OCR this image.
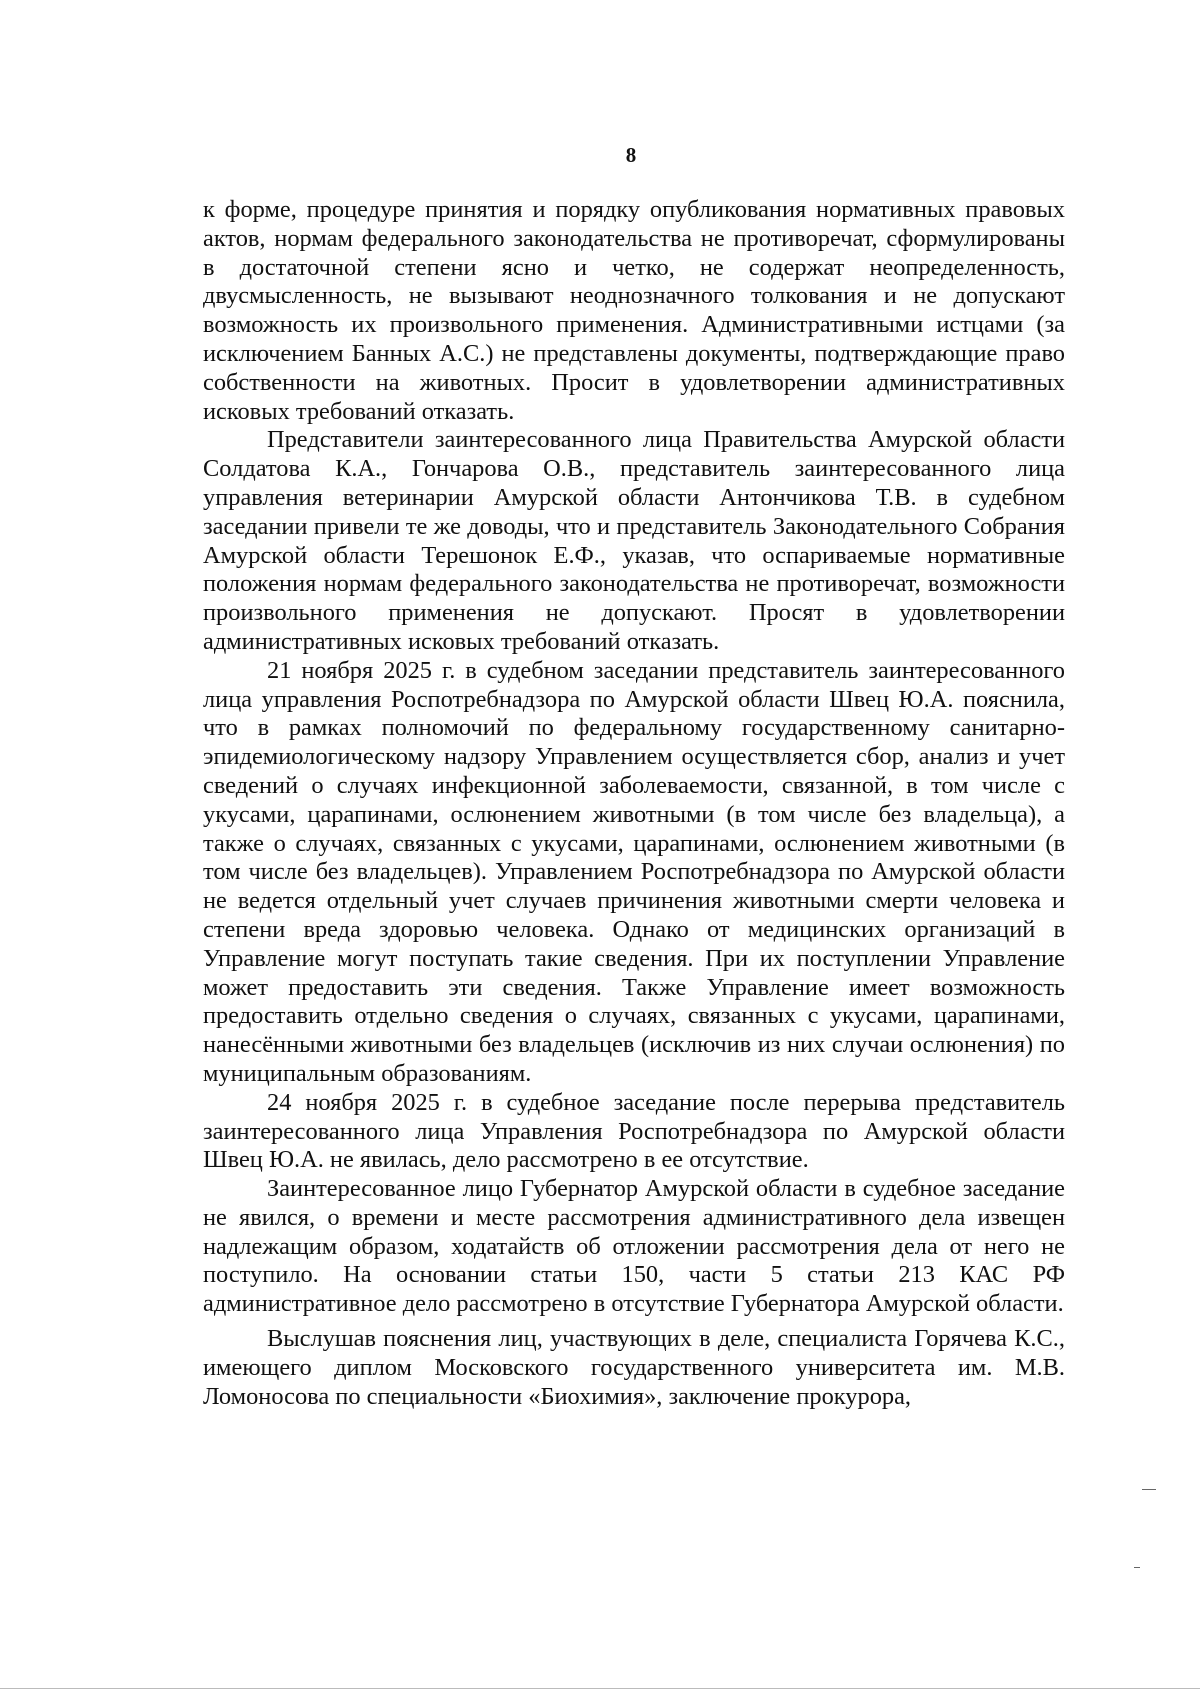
8

к форме, процедуре принятия и порядку опубликования нормативных правовых актов, нормам федерального законодательства не противоречат, сформулированы в достаточной степени ясно и четко, не содержат неопределенность, двусмысленность, не вызывают неоднозначного толкования и не допускают возможность их произвольного применения. Административными истцами (за исключением Банных А.С.) не представлены документы, подтверждающие право собственности на животных. Просит в удовлетворении административных исковых требований отказать.

Представители заинтересованного лица Правительства Амурской области Солдатова К.А., Гончарова О.В., представитель заинтересованного лица управления ветеринарии Амурской области Антончикова Т.В. в судебном заседании привели те же доводы, что и представитель Законодательного Собрания Амурской области Терешонок Е.Ф., указав, что оспариваемые нормативные положения нормам федерального законодательства не противоречат, возможности произвольного применения не допускают. Просят в удовлетворении административных исковых требований отказать.

21 ноября 2025 г. в судебном заседании представитель заинтересованного лица управления Роспотребнадзора по Амурской области Швец Ю.А. пояснила, что в рамках полномочий по федеральному государственному санитарно-эпидемиологическому надзору Управлением осуществляется сбор, анализ и учет сведений о случаях инфекционной заболеваемости, связанной, в том числе с укусами, царапинами, ослюнением животными (в том числе без владельца), а также о случаях, связанных с укусами, царапинами, ослюнением животными (в том числе без владельцев). Управлением Роспотребнадзора по Амурской области не ведется отдельный учет случаев причинения животными смерти человека и степени вреда здоровью человека. Однако от медицинских организаций в Управление могут поступать такие сведения. При их поступлении Управление может предоставить эти сведения. Также Управление имеет возможность предоставить отдельно сведения о случаях, связанных с укусами, царапинами, нанесёнными животными без владельцев (исключив из них случаи ослюнения) по муниципальным образованиям.

24 ноября 2025 г. в судебное заседание после перерыва представитель заинтересованного лица Управления Роспотребнадзора по Амурской области Швец Ю.А. не явилась, дело рассмотрено в ее отсутствие.

Заинтересованное лицо Губернатор Амурской области в судебное заседание не явился, о времени и месте рассмотрения административного дела извещен надлежащим образом, ходатайств об отложении рассмотрения дела от него не поступило. На основании статьи 150, части 5 статьи 213 КАС РФ административное дело рассмотрено в отсутствие Губернатора Амурской области.

Выслушав пояснения лиц, участвующих в деле, специалиста Горячева К.С., имеющего диплом Московского государственного университета им. М.В. Ломоносова по специальности «Биохимия», заключение прокурора,
